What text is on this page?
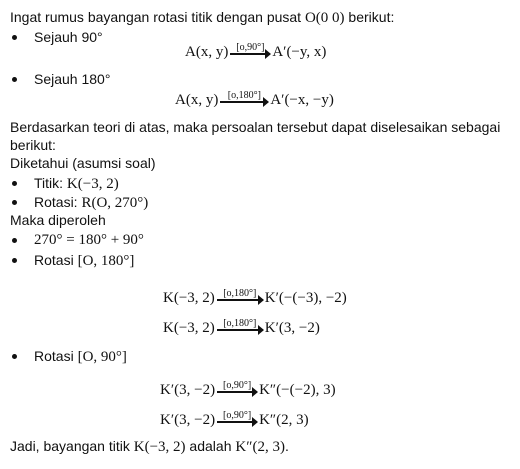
Ingat rumus bayangan rotasi titik dengan pusat O(0 0) berikut:
Sejauh 90°
A(x, y) [o,90°] A′(−y, x)
Sejauh 180°
A(x, y) [o,180°] A′(−x, −y)
Berdasarkan teori di atas, maka persoalan tersebut dapat diselesaikan sebagai
berikut:
Diketahui (asumsi soal)
Titik: K(−3, 2)
Rotasi: R(O, 270°)
Maka diperoleh
270° = 180° + 90°
Rotasi [O, 180°]
K(−3, 2) [o,180°] K′(−(−3), −2)
K(−3, 2) [o,180°] K′(3, −2)
Rotasi [O, 90°]
K′(3, −2) [o,90°] K″(−(−2), 3)
K′(3, −2) [o,90°] K″(2, 3)
Jadi, bayangan titik K(−3, 2) adalah K″(2, 3).
